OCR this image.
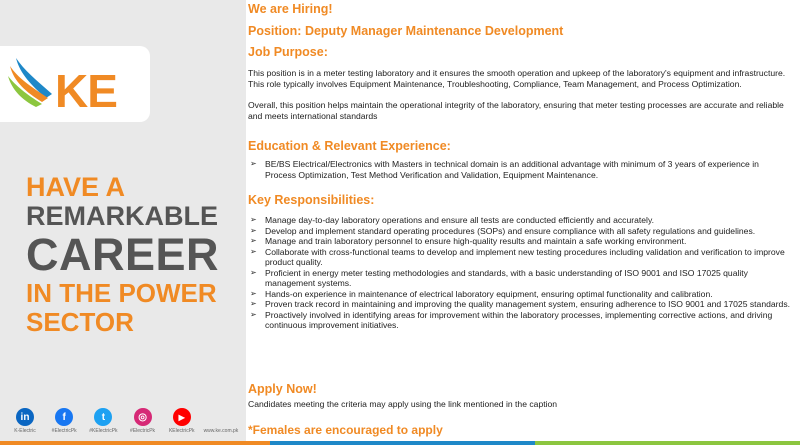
KE
HAVE A
REMARKABLE
CAREER
IN THE POWER
SECTOR
in
K-Electric
f
#ElectricPk
t
#KElectricPk
◎
#ElectricPk
▶
KElectricPk www.ke.com.pk
We are Hiring!
Position: Deputy Manager Maintenance Development
Job Purpose:

This position is in a meter testing laboratory and it ensures the smooth operation and upkeep of the laboratory's equipment and infrastructure. This role typically involves Equipment Maintenance, Troubleshooting, Compliance, Team Management, and Process Optimization.

Overall, this position helps maintain the operational integrity of the laboratory, ensuring that meter testing processes are accurate and reliable and meets international standards

Education & Relevant Experience:
➢ BE/BS Electrical/Electronics with Masters in technical domain is an additional advantage with minimum of 3 years of experience in Process Optimization, Test Method Verification and Validation, Equipment Maintenance.
Key Responsibilities:
➢ Manage day-to-day laboratory operations and ensure all tests are conducted efficiently and accurately.
➢ Develop and implement standard operating procedures (SOPs) and ensure compliance with all safety regulations and guidelines.
➢ Manage and train laboratory personnel to ensure high-quality results and maintain a safe working environment.
➢ Collaborate with cross-functional teams to develop and implement new testing procedures including validation and verification to improve product quality.
➢ Proficient in energy meter testing methodologies and standards, with a basic understanding of ISO 9001 and ISO 17025 quality management systems.
➢ Hands-on experience in maintenance of electrical laboratory equipment, ensuring optimal functionality and calibration.
➢ Proven track record in maintaining and improving the quality management system, ensuring adherence to ISO 9001 and 17025 standards.
➢ Proactively involved in identifying areas for improvement within the laboratory processes, implementing corrective actions, and driving continuous improvement initiatives.
Apply Now!

Candidates meeting the criteria may apply using the link mentioned in the caption

*Females are encouraged to apply
